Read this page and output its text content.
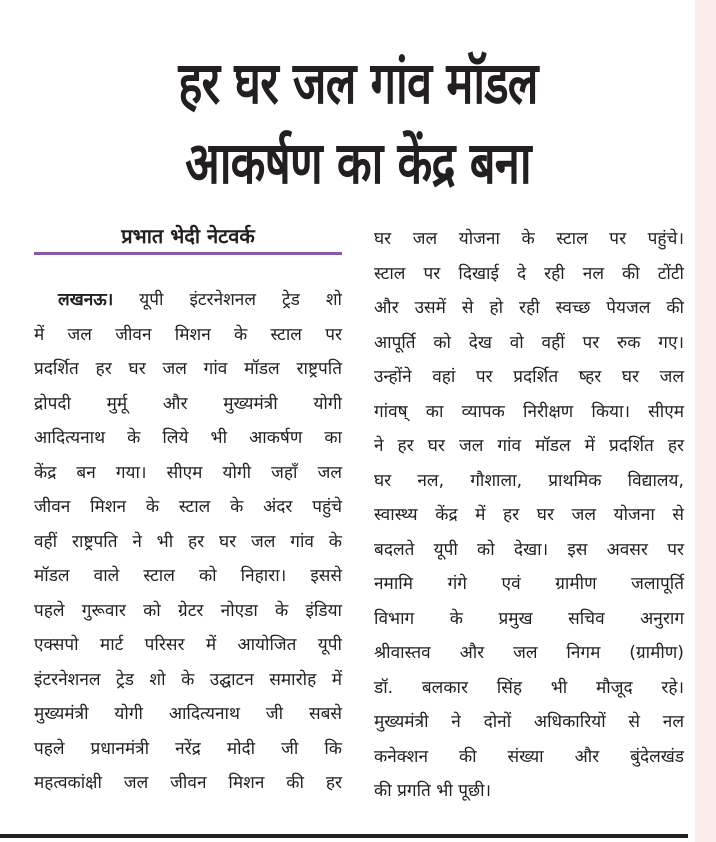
हर घर जल गांव मॉडल
आकर्षण का केंद्र बना
प्रभात भेदी नेटवर्क
लखनऊ। यूपी इंटरनेशनल ट्रेड शो
में जल जीवन मिशन के स्टाल पर
प्रदर्शित हर घर जल गांव मॉडल राष्ट्रपति
द्रोपदी मुर्मू और मुख्यमंत्री योगी
आदित्यनाथ के लिये भी आकर्षण का
केंद्र बन गया। सीएम योगी जहाँ जल
जीवन मिशन के स्टाल के अंदर पहुंचे
वहीं राष्ट्रपति ने भी हर घर जल गांव के
मॉडल वाले स्टाल को निहारा। इससे
पहले गुरूवार को ग्रेटर नोएडा के इंडिया
एक्सपो मार्ट परिसर में आयोजित यूपी
इंटरनेशनल ट्रेड शो के उद्घाटन समारोह में
मुख्यमंत्री योगी आदित्यनाथ जी सबसे
पहले प्रधानमंत्री नरेंद्र मोदी जी कि
महत्वकांक्षी जल जीवन मिशन की हर
घर जल योजना के स्टाल पर पहुंचे।
स्टाल पर दिखाई दे रही नल की टोंटी
और उसमें से हो रही स्वच्छ पेयजल की
आपूर्ति को देख वो वहीं पर रुक गए।
उन्होंने वहां पर प्रदर्शित ष्हर घर जल
गांवष् का व्यापक निरीक्षण किया। सीएम
ने हर घर जल गांव मॉडल में प्रदर्शित हर
घर नल, गौशाला, प्राथमिक विद्यालय,
स्वास्थ्य केंद्र में हर घर जल योजना से
बदलते यूपी को देखा। इस अवसर पर
नमामि गंगे एवं ग्रामीण जलापूर्ति
विभाग के प्रमुख सचिव अनुराग
श्रीवास्तव और जल निगम (ग्रामीण)
डॉ. बलकार सिंह भी मौजूद रहे।
मुख्यमंत्री ने दोनों अधिकारियों से नल
कनेक्शन की संख्या और बुंदेलखंड
की प्रगति भी पूछी।
